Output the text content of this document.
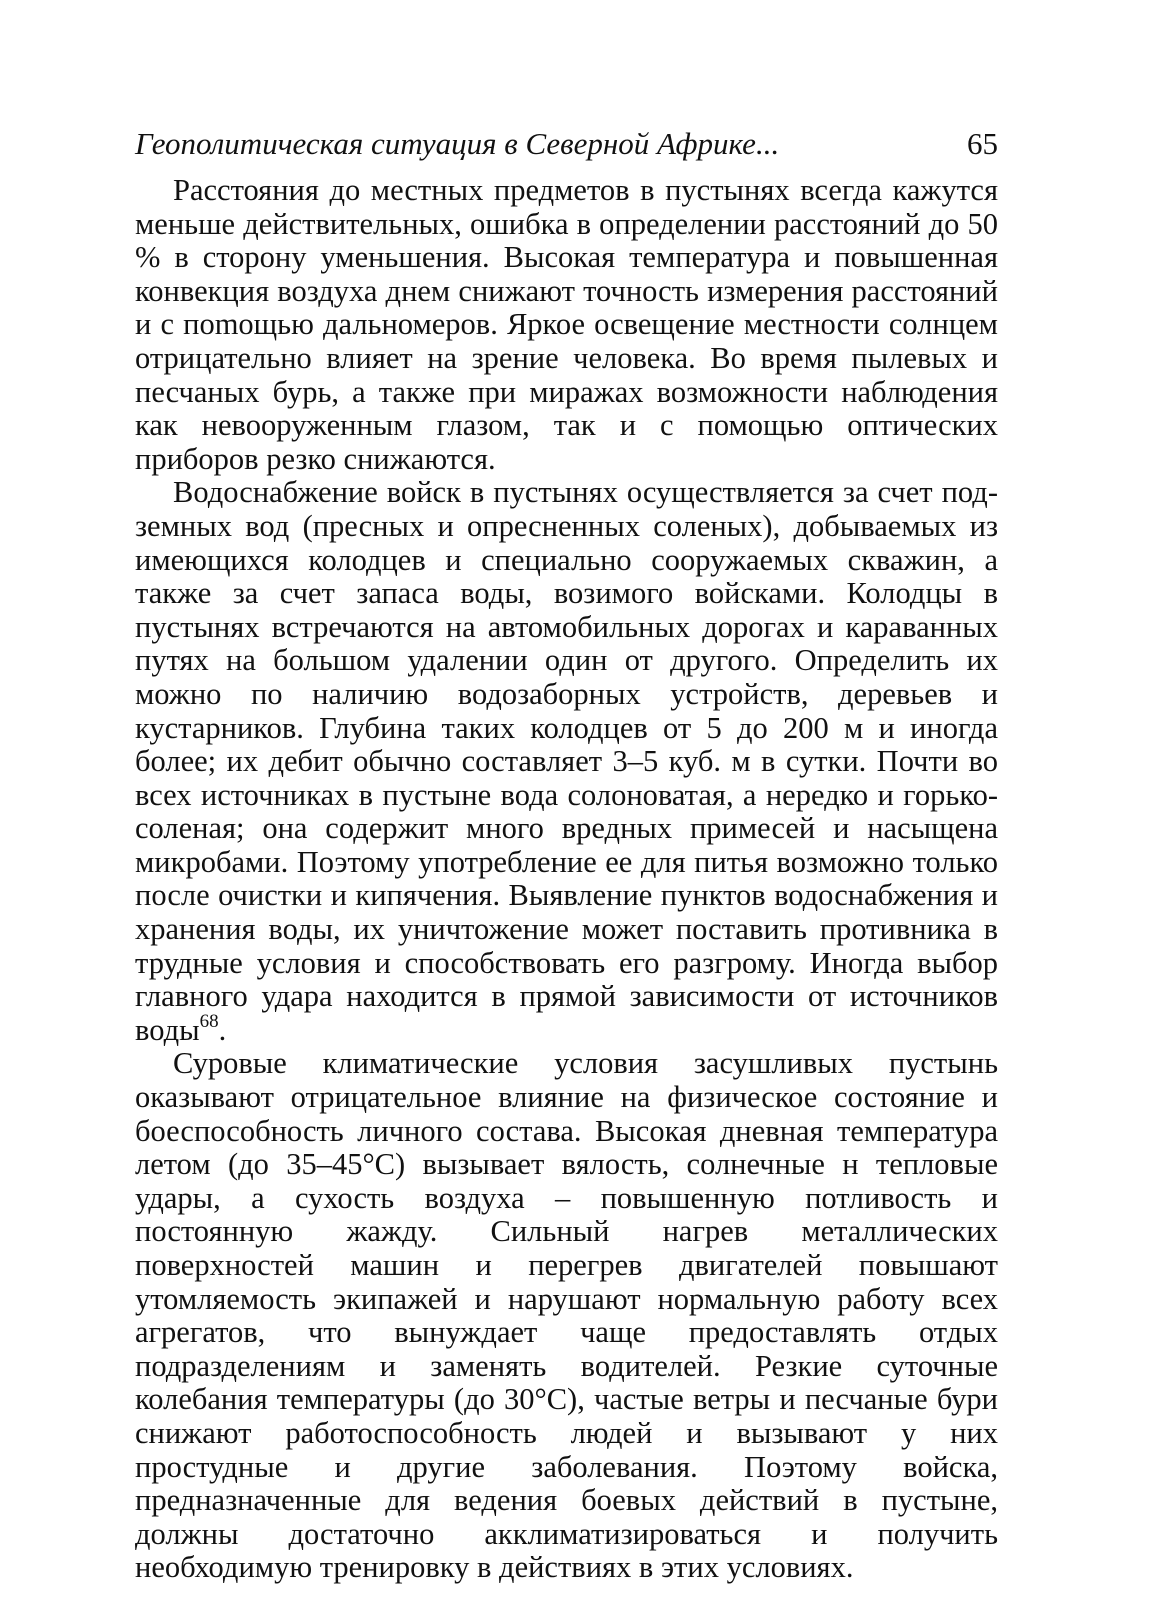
Геополитическая ситуация в Северной Африке...	65

Расстояния до местных предметов в пустынях всегда кажутся меньше действительных, ошибка в определении расстояний до 50 % в сторону уменьшения. Высокая температура и повышенная конвекция воздуха днем снижают точность измерения расстояний и с поmощью дальномеров. Яркое освещение местности солнцем отрицательно влияет на зрение человека. Во время пылевых и песчаных бурь, а также при миражах возможности наблюдения как невооруженным глазом, так и с помощью оптических приборов резко снижаются.

Водоснабжение войск в пустынях осуществляется за счет подземных вод (пресных и опресненных соленых), добываемых из имеющихся колодцев и специально сооружаемых скважин, а также за счет запаса воды, возимого войсками. Колодцы в пустынях встречаются на автомобильных дорогах и караванных путях на большом удалении один от другого. Определить их можно по наличию водозаборных устройств, деревьев и кустарников. Глубина таких колодцев от 5 до 200 м и иногда более; их дебит обычно составляет 3–5 куб. м в сутки. Почти во всех источниках в пустыне вода солоноватая, а нередко и горько-соленая; она содержит много вредных примесей и насыщена микробами. Поэтому употребление ее для питья возможно только после очистки и кипячения. Выявление пунктов водоснабжения и хранения воды, их уничтожение может поставить противника в трудные условия и способствовать его разгрому. Иногда выбор главного удара находится в прямой зависимости от источников воды$^{68}$.

Суровые климатические условия засушливых пустынь оказывают отрицательное влияние на физическое состояние и боеспособность личного состава. Высокая дневная температура летом (до 35–45°С) вызывает вялость, солнечные н тепловые удары, а сухость воздуха – повышенную потливость и постоянную жажду. Сильный нагрев металлических поверхностей машин и перегрев двигателей повышают утомляемость экипажей и нарушают нормальную работу всех агрегатов, что вынуждает чаще предоставлять отдых подразделениям и заменять водителей. Резкие суточные колебания температуры (до 30°С), частые ветры и песчаные бури снижают работоспособность людей и вызывают у них простудные и другие заболевания. Поэтому войска, предназначенные для ведения боевых действий в пустыне, должны достаточно акклиматизироваться и получить необходимую тренировку в действиях в этих условиях.
